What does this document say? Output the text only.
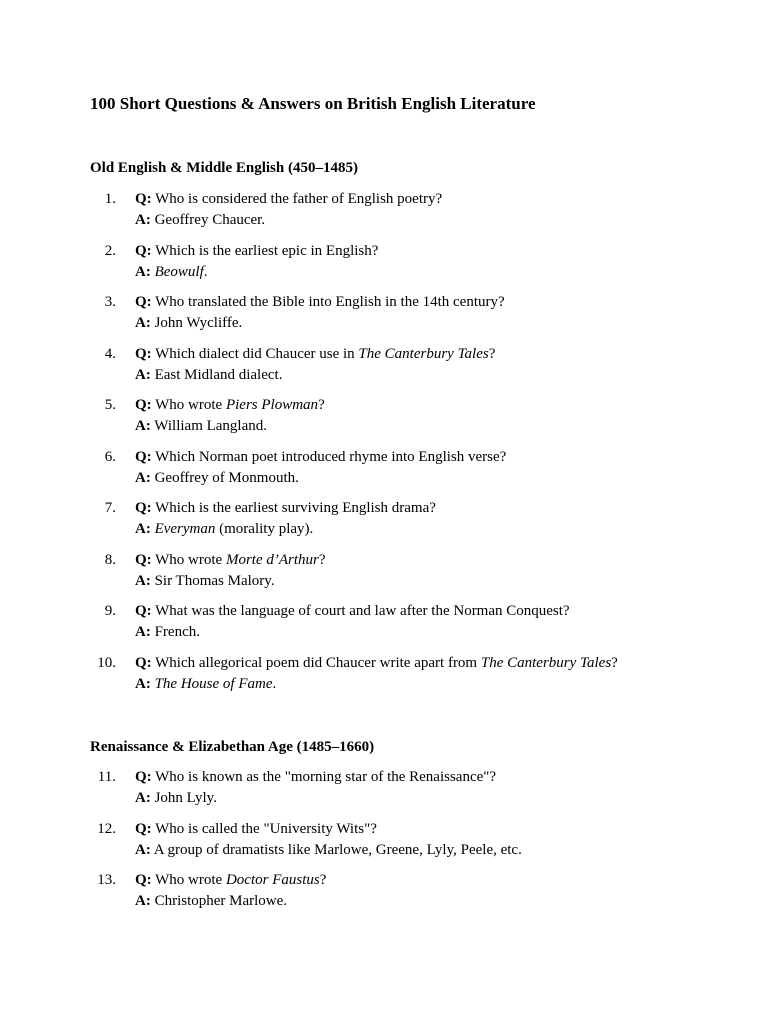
100 Short Questions & Answers on British English Literature
Old English & Middle English (450–1485)
1. Q: Who is considered the father of English poetry?
A: Geoffrey Chaucer.
2. Q: Which is the earliest epic in English?
A: Beowulf.
3. Q: Who translated the Bible into English in the 14th century?
A: John Wycliffe.
4. Q: Which dialect did Chaucer use in The Canterbury Tales?
A: East Midland dialect.
5. Q: Who wrote Piers Plowman?
A: William Langland.
6. Q: Which Norman poet introduced rhyme into English verse?
A: Geoffrey of Monmouth.
7. Q: Which is the earliest surviving English drama?
A: Everyman (morality play).
8. Q: Who wrote Morte d’Arthur?
A: Sir Thomas Malory.
9. Q: What was the language of court and law after the Norman Conquest?
A: French.
10. Q: Which allegorical poem did Chaucer write apart from The Canterbury Tales?
A: The House of Fame.
Renaissance & Elizabethan Age (1485–1660)
11. Q: Who is known as the "morning star of the Renaissance"?
A: John Lyly.
12. Q: Who is called the "University Wits"?
A: A group of dramatists like Marlowe, Greene, Lyly, Peele, etc.
13. Q: Who wrote Doctor Faustus?
A: Christopher Marlowe.
